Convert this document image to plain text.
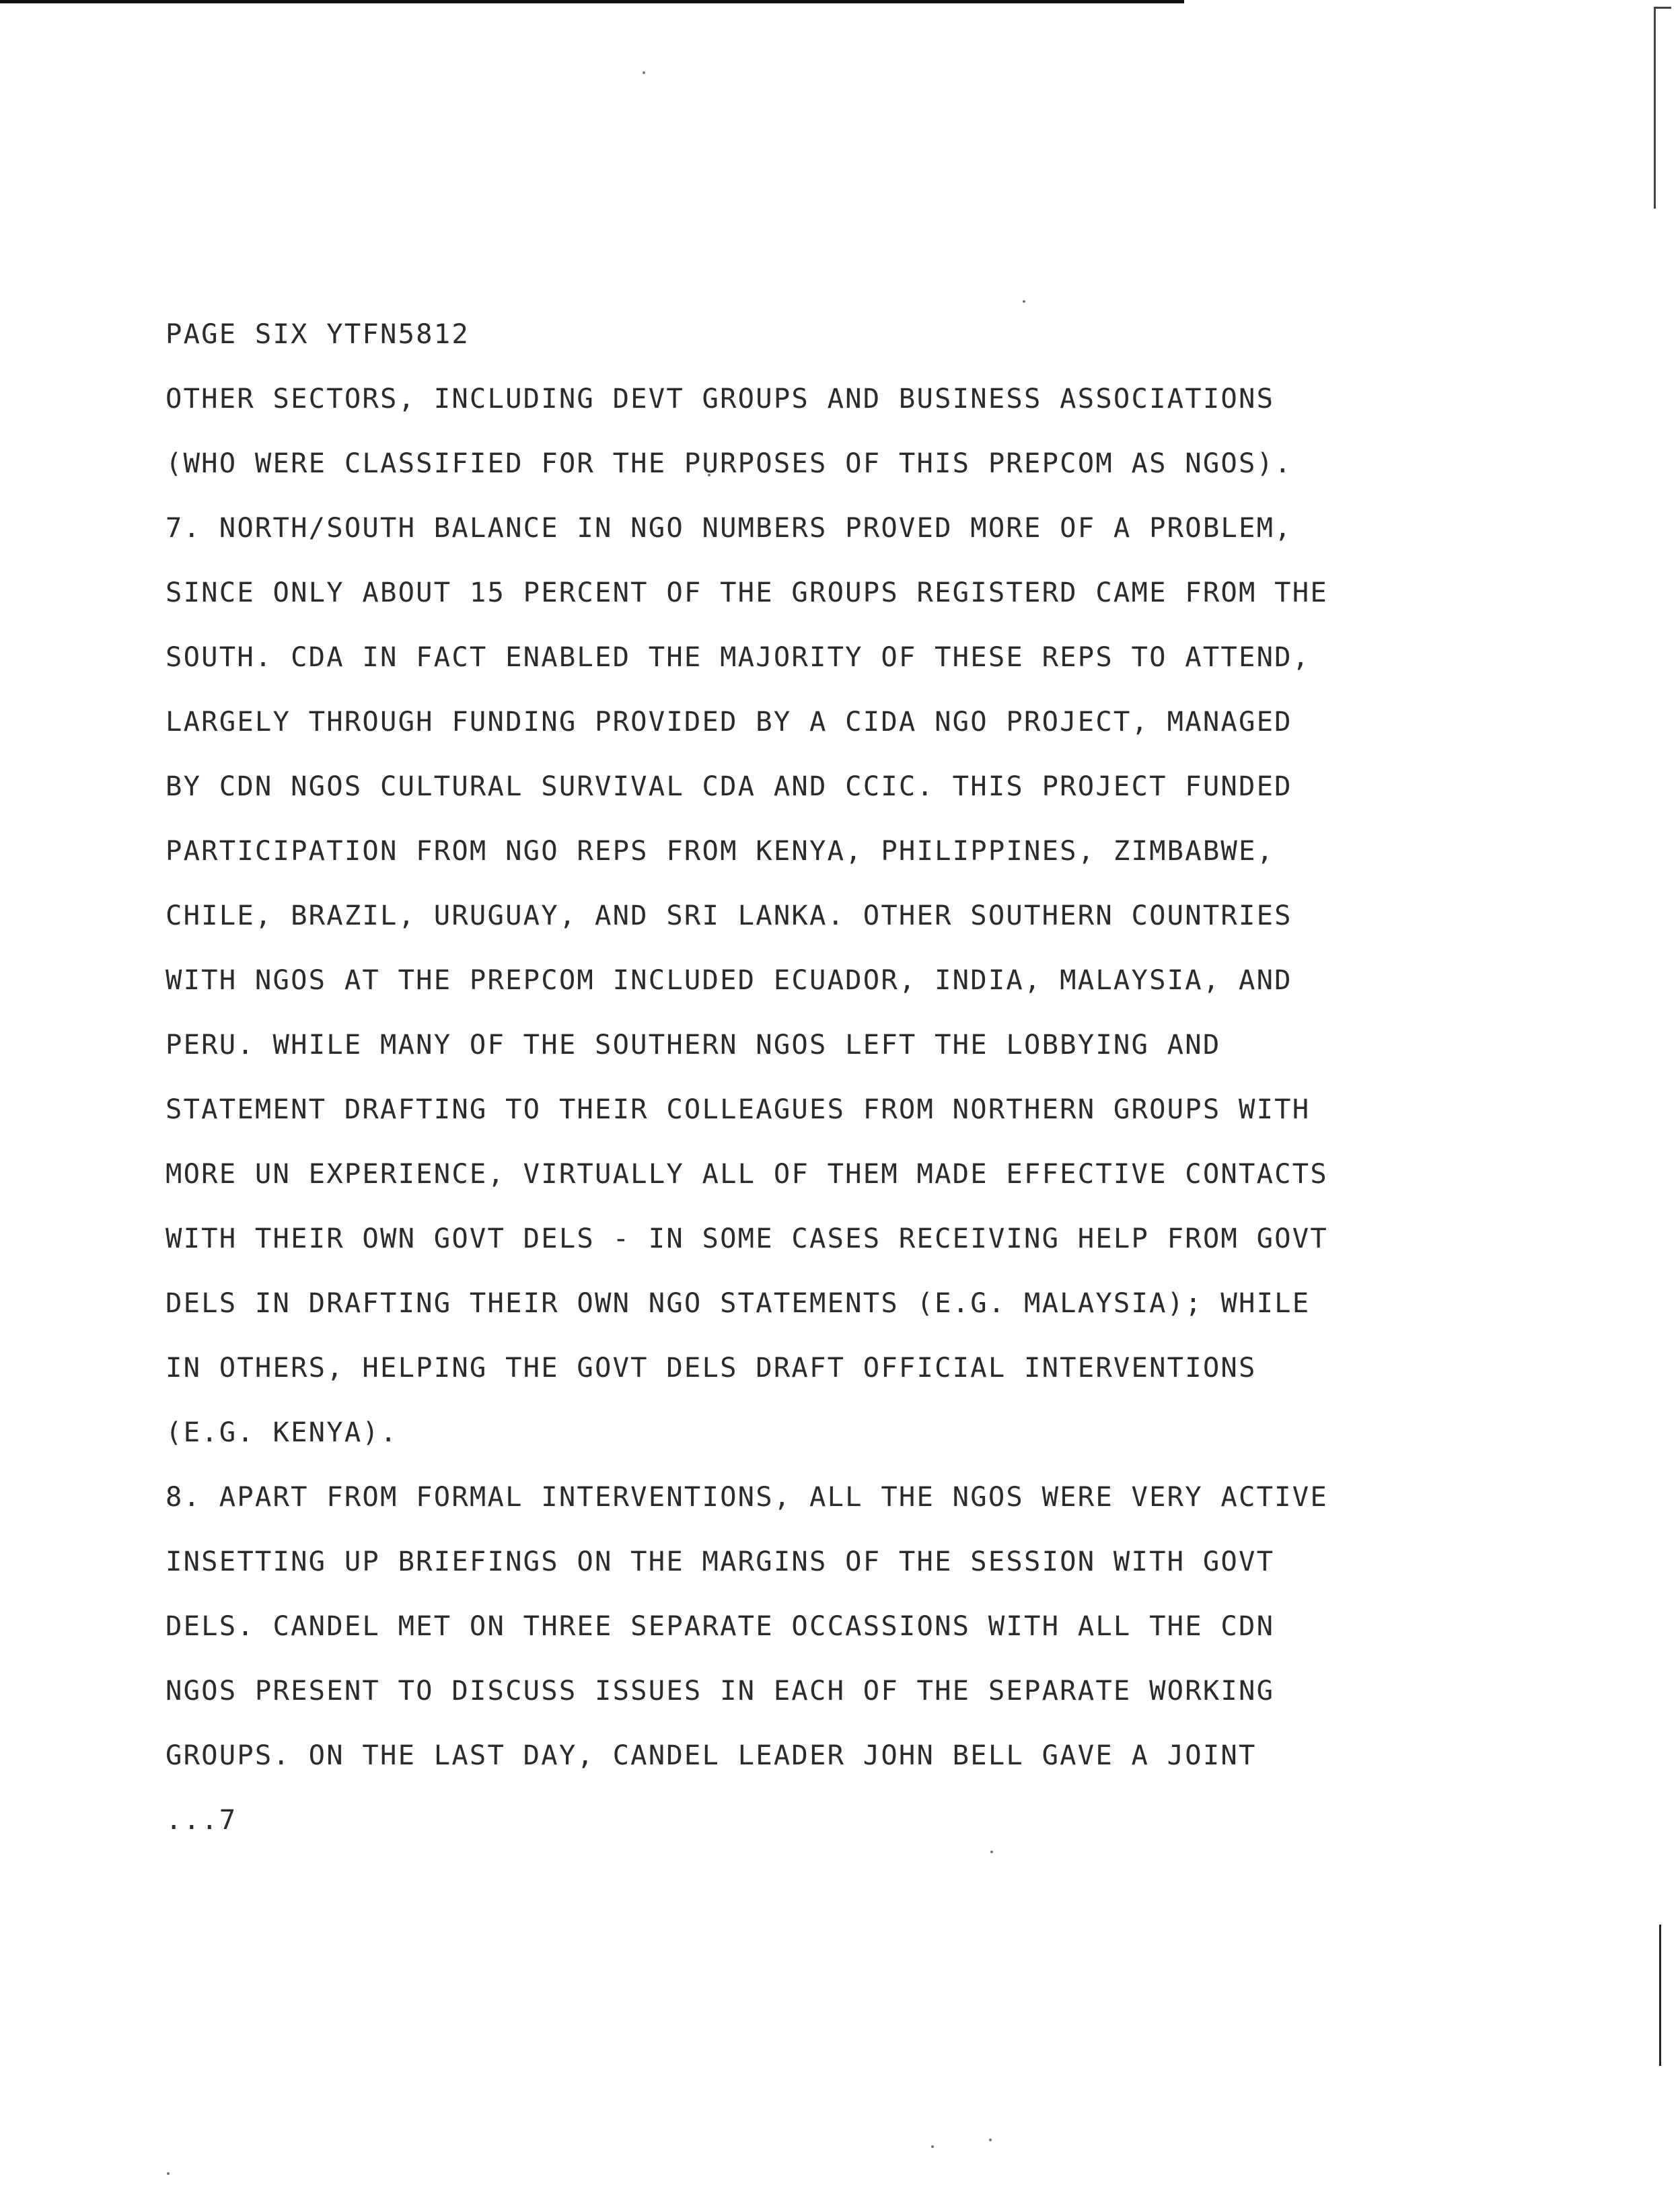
PAGE SIX YTFN5812
OTHER SECTORS, INCLUDING DEVT GROUPS AND BUSINESS ASSOCIATIONS
(WHO WERE CLASSIFIED FOR THE PURPOSES OF THIS PREPCOM AS NGOS).
7. NORTH/SOUTH BALANCE IN NGO NUMBERS PROVED MORE OF A PROBLEM,
SINCE ONLY ABOUT 15 PERCENT OF THE GROUPS REGISTERD CAME FROM THE
SOUTH. CDA IN FACT ENABLED THE MAJORITY OF THESE REPS TO ATTEND,
LARGELY THROUGH FUNDING PROVIDED BY A CIDA NGO PROJECT, MANAGED
BY CDN NGOS CULTURAL SURVIVAL CDA AND CCIC. THIS PROJECT FUNDED
PARTICIPATION FROM NGO REPS FROM KENYA, PHILIPPINES, ZIMBABWE,
CHILE, BRAZIL, URUGUAY, AND SRI LANKA. OTHER SOUTHERN COUNTRIES
WITH NGOS AT THE PREPCOM INCLUDED ECUADOR, INDIA, MALAYSIA, AND
PERU. WHILE MANY OF THE SOUTHERN NGOS LEFT THE LOBBYING AND
STATEMENT DRAFTING TO THEIR COLLEAGUES FROM NORTHERN GROUPS WITH
MORE UN EXPERIENCE, VIRTUALLY ALL OF THEM MADE EFFECTIVE CONTACTS
WITH THEIR OWN GOVT DELS - IN SOME CASES RECEIVING HELP FROM GOVT
DELS IN DRAFTING THEIR OWN NGO STATEMENTS (E.G. MALAYSIA); WHILE
IN OTHERS, HELPING THE GOVT DELS DRAFT OFFICIAL INTERVENTIONS
(E.G. KENYA).
8. APART FROM FORMAL INTERVENTIONS, ALL THE NGOS WERE VERY ACTIVE
INSETTING UP BRIEFINGS ON THE MARGINS OF THE SESSION WITH GOVT
DELS. CANDEL MET ON THREE SEPARATE OCCASSIONS WITH ALL THE CDN
NGOS PRESENT TO DISCUSS ISSUES IN EACH OF THE SEPARATE WORKING
GROUPS. ON THE LAST DAY, CANDEL LEADER JOHN BELL GAVE A JOINT
...7
